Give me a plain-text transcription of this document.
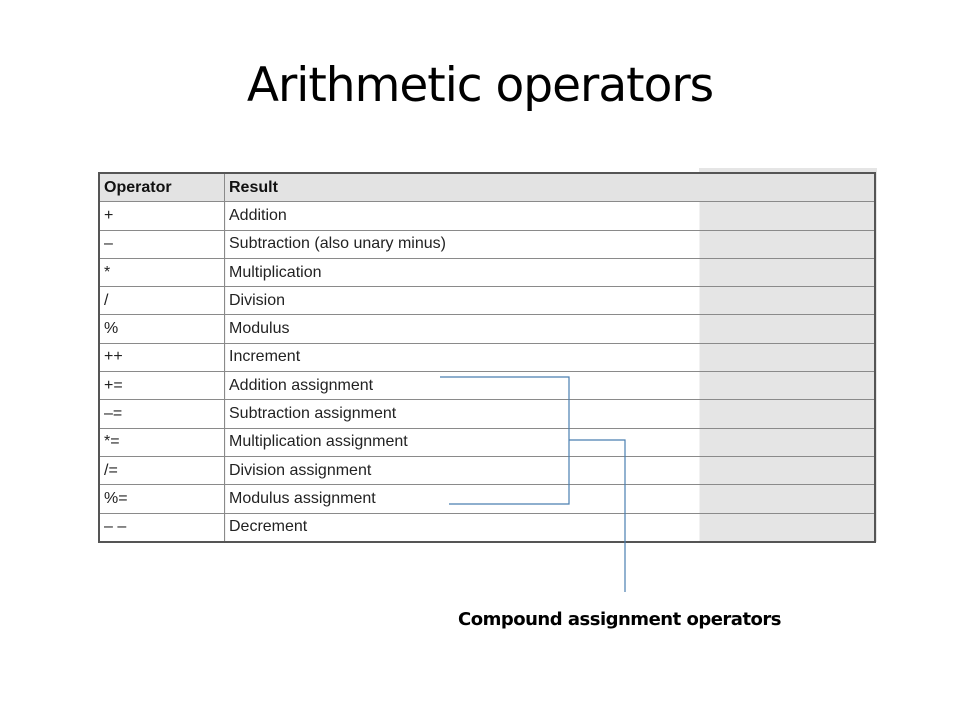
Arithmetic operators
Operator	Result
+	Addition
–	Subtraction (also unary minus)
*	Multiplication
/	Division
%	Modulus
++	Increment
+=	Addition assignment
–=	Subtraction assignment
*=	Multiplication assignment
/=	Division assignment
%=	Modulus assignment
– –	Decrement
Compound assignment operators
